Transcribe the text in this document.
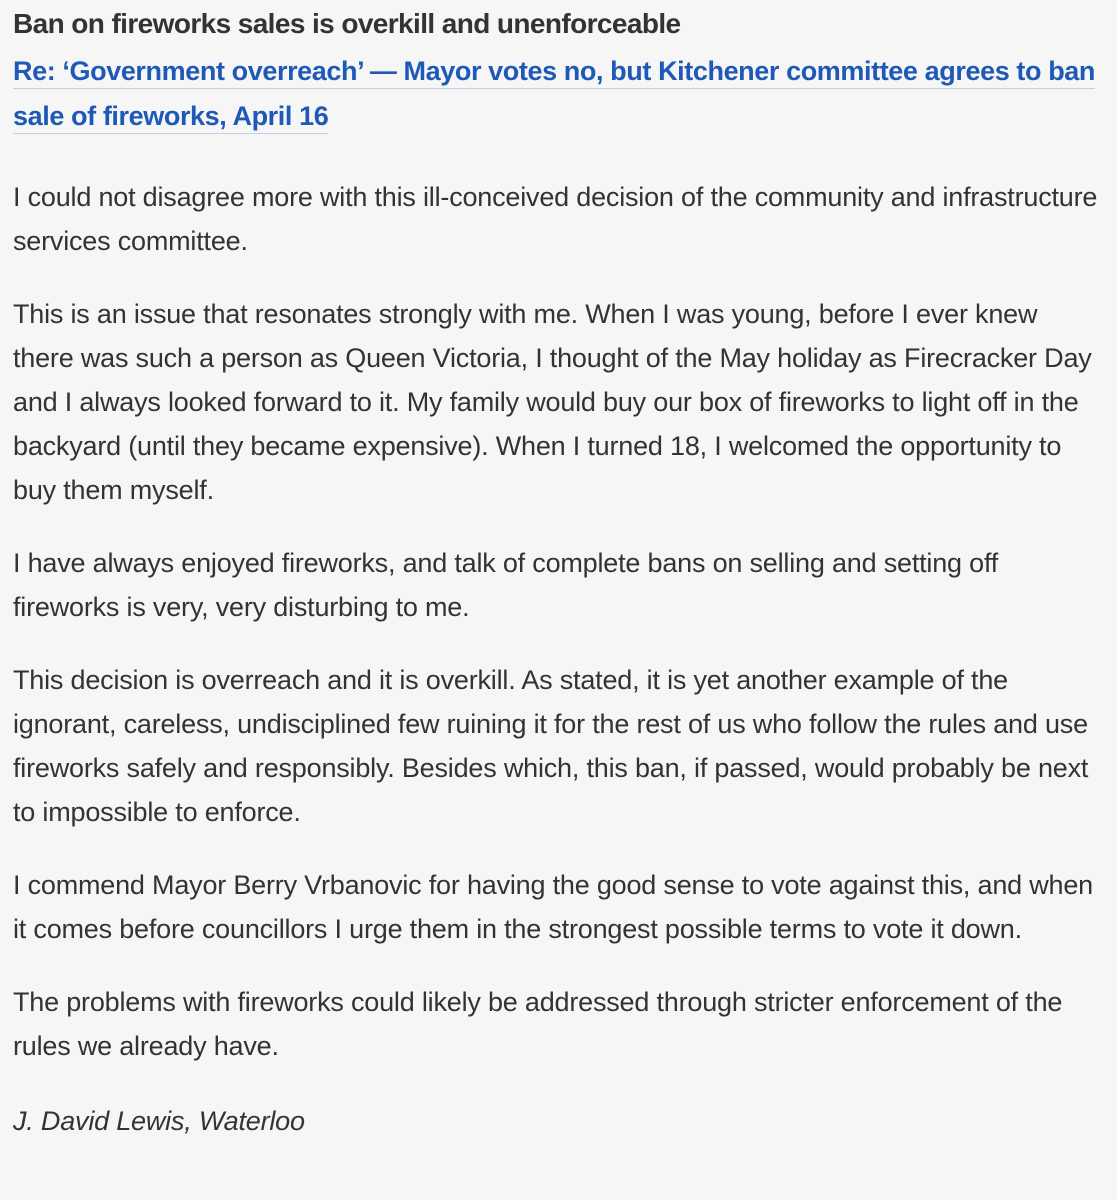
Ban on fireworks sales is overkill and unenforceable
Re: ‘Government overreach’ — Mayor votes no, but Kitchener committee agrees to ban sale of fireworks, April 16

I could not disagree more with this ill-conceived decision of the community and infrastructure services committee.

This is an issue that resonates strongly with me. When I was young, before I ever knew there was such a person as Queen Victoria, I thought of the May holiday as Firecracker Day and I always looked forward to it. My family would buy our box of fireworks to light off in the backyard (until they became expensive). When I turned 18, I welcomed the opportunity to buy them myself.

I have always enjoyed fireworks, and talk of complete bans on selling and setting off fireworks is very, very disturbing to me.

This decision is overreach and it is overkill. As stated, it is yet another example of the ignorant, careless, undisciplined few ruining it for the rest of us who follow the rules and use fireworks safely and responsibly. Besides which, this ban, if passed, would probably be next to impossible to enforce.

I commend Mayor Berry Vrbanovic for having the good sense to vote against this, and when it comes before councillors I urge them in the strongest possible terms to vote it down.

The problems with fireworks could likely be addressed through stricter enforcement of the rules we already have.

J. David Lewis, Waterloo
